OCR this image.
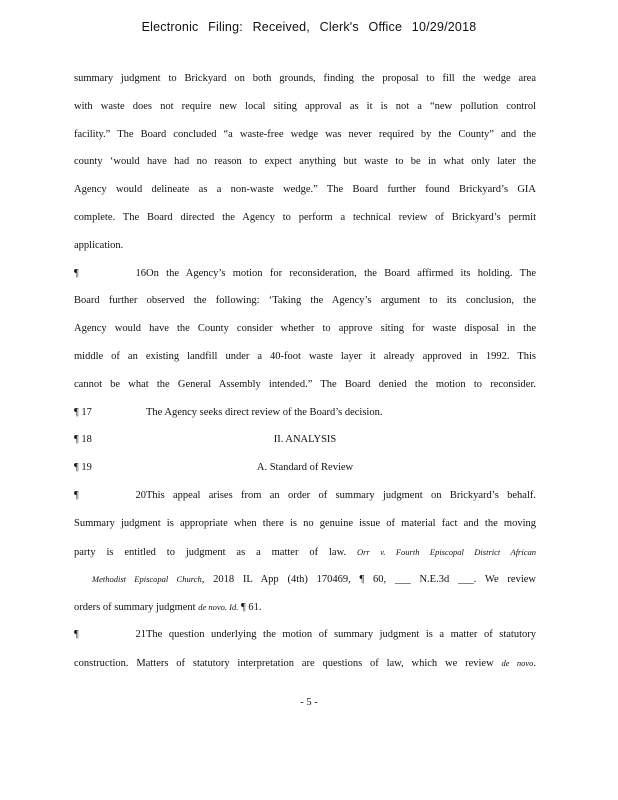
Electronic Filing: Received, Clerk's Office 10/29/2018
summary judgment to Brickyard on both grounds, finding the proposal to fill the wedge area
with waste does not require new local siting approval as it is not a “new pollution control
facility.” The Board concluded “a waste-free wedge was never required by the County” and the
county ‘would have had no reason to expect anything but waste to be in what only later the
Agency would delineate as a non-waste wedge.” The Board further found Brickyard’s GIA
complete. The Board directed the Agency to perform a technical review of Brickyard’s permit
application.
¶ 16On the Agency’s motion for reconsideration, the Board affirmed its holding. The
Board further observed the following: ‘Taking the Agency’s argument to its conclusion, the
Agency would have the County consider whether to approve siting for waste disposal in the
middle of an existing landfill under a 40-foot waste layer it already approved in 1992. This
cannot be what the General Assembly intended.” The Board denied the motion to reconsider.
¶ 17	The Agency seeks direct review of the Board’s decision.
¶ 18	II. ANALYSIS
¶ 19	A. Standard of Review
¶ 20This appeal arises from an order of summary judgment on Brickyard’s behalf.
Summary judgment is appropriate when there is no genuine issue of material fact and the moving
party is entitled to judgment as a matter of law. Orr v. Fourth Episcopal District African
Methodist Episcopal Church, 2018 IL App (4th) 170469, ¶ 60, ___ N.E.3d ___. We review
orders of summary judgment de novo. Id. ¶ 61.
¶ 21The question underlying the motion of summary judgment is a matter of statutory
construction. Matters of statutory interpretation are questions of law, which we review de novo.
- 5 -
